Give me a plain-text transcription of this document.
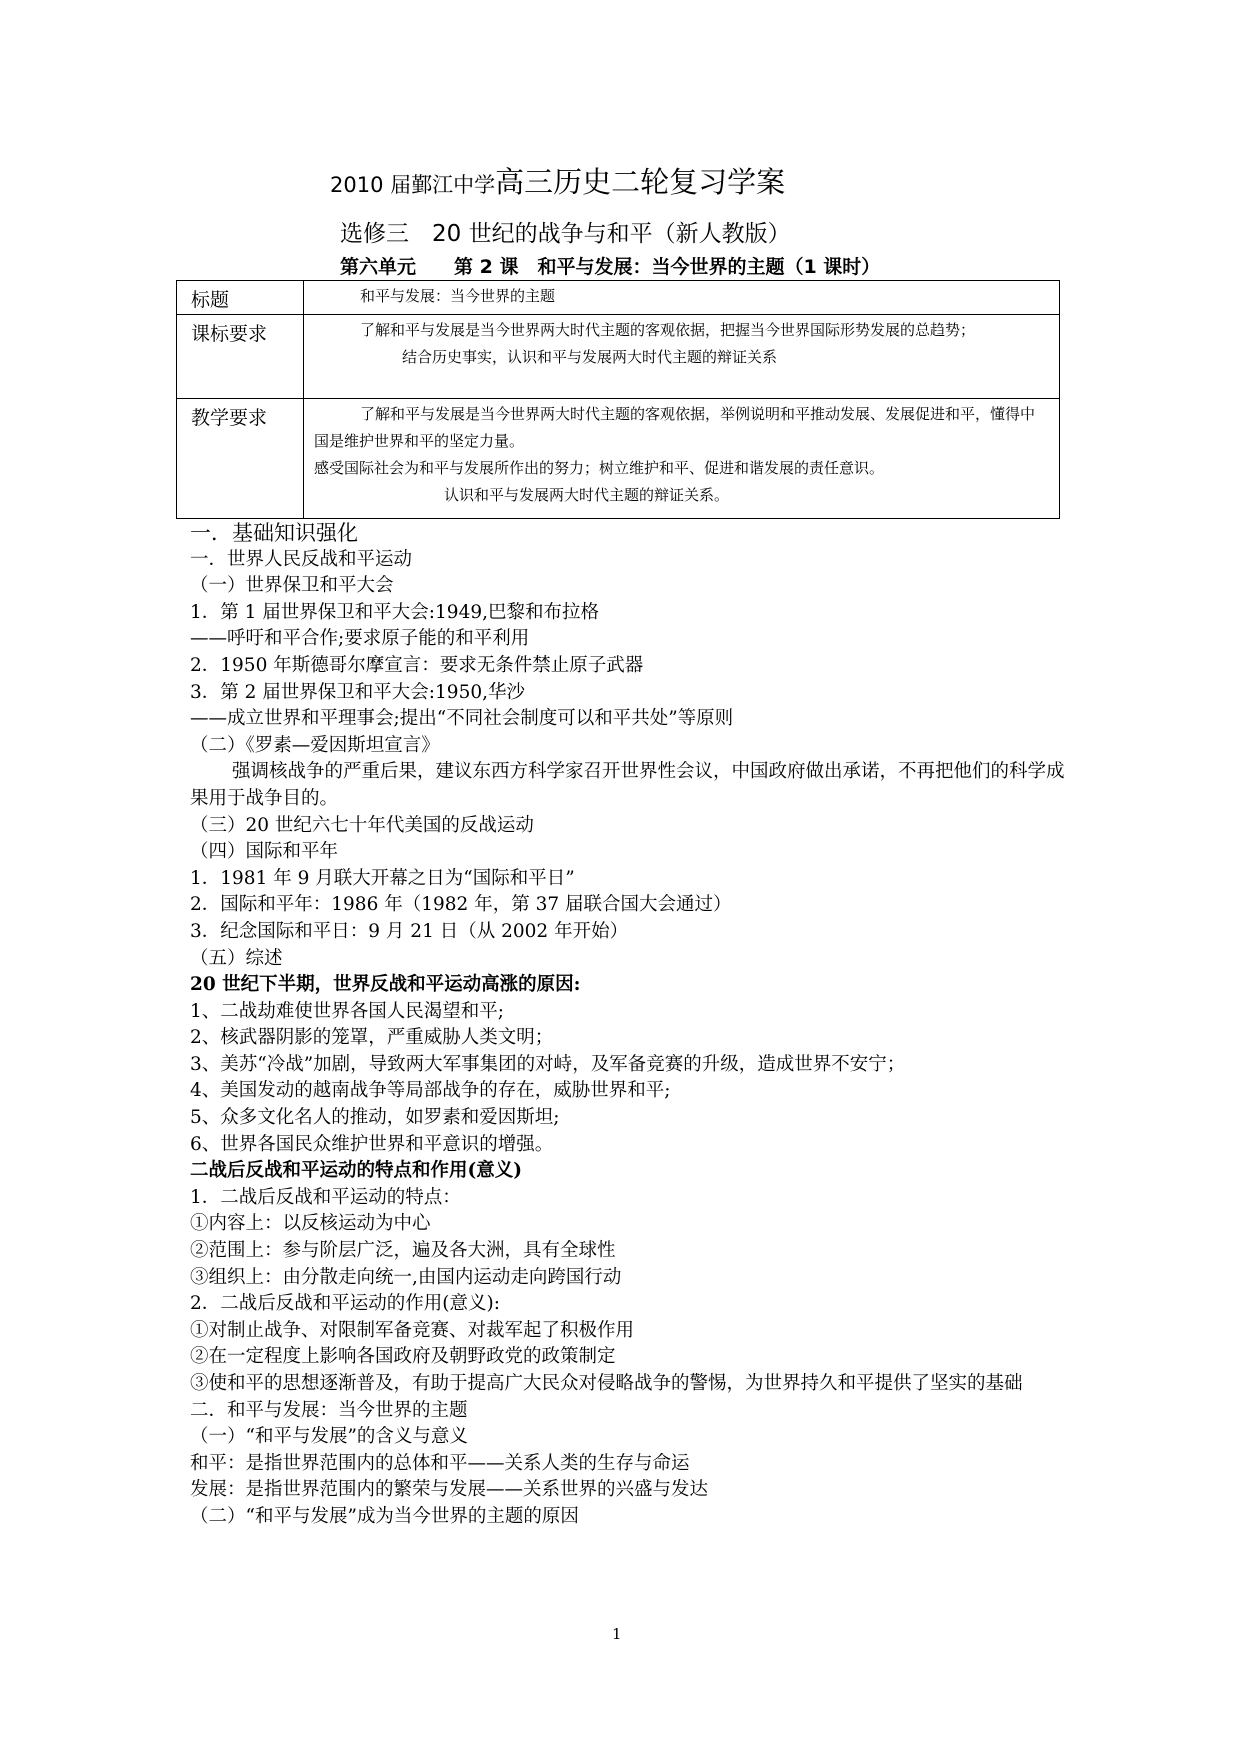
2010 届鄞江中学高三历史二轮复习学案
选修三　20 世纪的战争与和平（新人教版）
第六单元　　第 2 课　和平与发展：当今世界的主题（1 课时）
标题	和平与发展：当今世界的主题

课标要求	了解和平与发展是当今世界两大时代主题的客观依据，把握当今世界国际形势发展的总趋势；
结合历史事实，认识和平与发展两大时代主题的辩证关系

教学要求	了解和平与发展是当今世界两大时代主题的客观依据，举例说明和平推动发展、发展促进和平，懂得中国是维护世界和平的坚定力量。
感受国际社会为和平与发展所作出的努力；树立维护和平、促进和谐发展的责任意识。
认识和平与发展两大时代主题的辩证关系。
一．基础知识强化
一．世界人民反战和平运动
（一）世界保卫和平大会
1．第 1 届世界保卫和平大会:1949,巴黎和布拉格
——呼吁和平合作;要求原子能的和平利用
2．1950 年斯德哥尔摩宣言：要求无条件禁止原子武器
3．第 2 届世界保卫和平大会:1950,华沙
——成立世界和平理事会;提出“不同社会制度可以和平共处”等原则
（二）《罗素—爱因斯坦宣言》
强调核战争的严重后果，建议东西方科学家召开世界性会议，中国政府做出承诺，不再把他们的科学成果用于战争目的。
（三）20 世纪六七十年代美国的反战运动
（四）国际和平年
1．1981 年 9 月联大开幕之日为“国际和平日”
2．国际和平年：1986 年（1982 年，第 37 届联合国大会通过）
3．纪念国际和平日：9 月 21 日（从 2002 年开始）
（五）综述
20 世纪下半期，世界反战和平运动高涨的原因:
1、二战劫难使世界各国人民渴望和平;
2、核武器阴影的笼罩，严重威胁人类文明；
3、美苏“冷战”加剧，导致两大军事集团的对峙，及军备竞赛的升级，造成世界不安宁；
4、美国发动的越南战争等局部战争的存在，威胁世界和平;
5、众多文化名人的推动，如罗素和爱因斯坦;
6、世界各国民众维护世界和平意识的增强。
二战后反战和平运动的特点和作用(意义)
1．二战后反战和平运动的特点：
①内容上：以反核运动为中心
②范围上：参与阶层广泛，遍及各大洲，具有全球性
③组织上：由分散走向统一,由国内运动走向跨国行动
2．二战后反战和平运动的作用(意义):
①对制止战争、对限制军备竞赛、对裁军起了积极作用
②在一定程度上影响各国政府及朝野政党的政策制定
③使和平的思想逐渐普及，有助于提高广大民众对侵略战争的警惕，为世界持久和平提供了坚实的基础
二．和平与发展：当今世界的主题
（一）“和平与发展”的含义与意义
和平：是指世界范围内的总体和平——关系人类的生存与命运
发展：是指世界范围内的繁荣与发展——关系世界的兴盛与发达
（二）“和平与发展”成为当今世界的主题的原因
1
